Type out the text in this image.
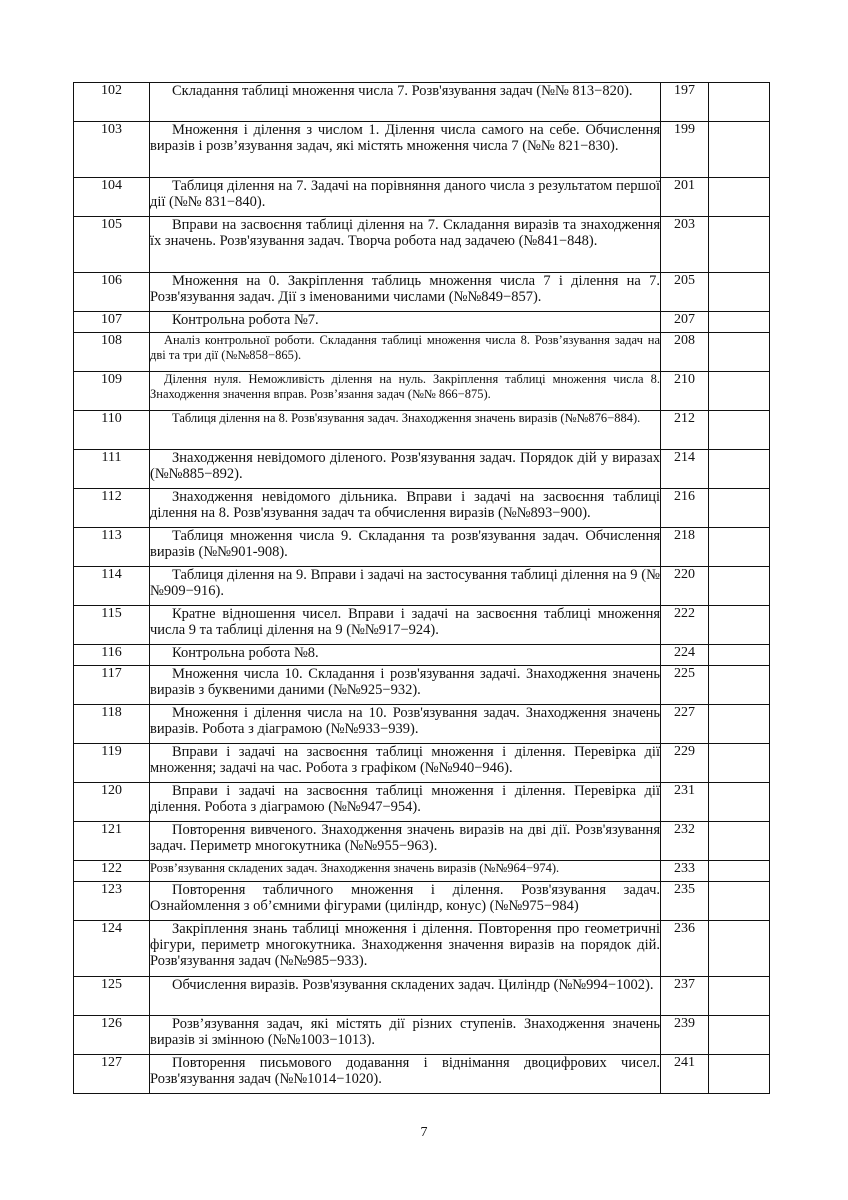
102	Складання таблиці множення числа 7. Розв'язування задач (№№ 813−820).	197	
103	Множення і ділення з числом 1. Ділення числа самого на себе. Обчислення виразів і розв’язування задач, які містять множення числа 7 (№№ 821−830).	199	
104	Таблиця ділення на 7. Задачі на порівняння даного числа з результатом першої дії (№№ 831−840).	201	
105	Вправи на засвоєння таблиці ділення на 7. Складання виразів та знаходження їх значень. Розв'язування задач. Творча робота над задачею (№841−848).	203	
106	Множення на 0. Закріплення таблиць множення числа 7 і ділення на 7. Розв'язування задач. Дії з іменованими числами (№№849−857).	205	
107	Контрольна робота №7.	207	
108	Аналіз контрольної роботи. Складання таблиці множення числа 8. Розв’язування задач на дві та три дії (№№858−865).	208	
109	Ділення нуля. Неможливість ділення на нуль. Закріплення таблиці множення числа 8. Знаходження значення вправ. Розв’язання задач (№№ 866−875).	210	
110	Таблиця ділення на 8. Розв'язування задач. Знаходження значень виразів (№№876−884).	212	
111	Знаходження невідомого діленого. Розв'язування задач. Порядок дій у виразах (№№885−892).	214	
112	Знаходження невідомого дільника. Вправи і задачі на засвоєння таблиці ділення на 8. Розв'язування задач та обчислення виразів (№№893−900).	216	
113	Таблиця множення числа 9. Складання та розв'язування задач. Обчислення виразів (№№901-908).	218	
114	Таблиця ділення на 9. Вправи і задачі на застосування таблиці ділення на 9 (№№909−916).	220	
115	Кратне відношення чисел. Вправи і задачі на засвоєння таблиці множення числа 9 та таблиці ділення на 9 (№№917−924).	222	
116	Контрольна робота №8.	224	
117	Множення числа 10. Складання і розв'язування задачі. Знаходження значень виразів з буквеними даними (№№925−932).	225	
118	Множення і ділення числа на 10. Розв'язування задач. Знаходження значень виразів. Робота з діаграмою (№№933−939).	227	
119	Вправи і задачі на засвоєння таблиці множення і ділення. Перевірка дії множення; задачі на час. Робота з графіком (№№940−946).	229	
120	Вправи і задачі на засвоєння таблиці множення і ділення. Перевірка дії ділення. Робота з діаграмою (№№947−954).	231	
121	Повторення вивченого. Знаходження значень виразів на дві дії. Розв'язування задач. Периметр многокутника (№№955−963).	232	
122	Розв’язування складених задач. Знаходження значень виразів (№№964−974).	233	
123	Повторення табличного множення і ділення. Розв'язування задач. Ознайомлення з об’ємними фігурами (циліндр, конус) (№№975−984)	235	
124	Закріплення знань таблиці множення і ділення. Повторення про геометричні фігури, периметр многокутника. Знаходження значення виразів на порядок дій. Розв'язування задач (№№985−933).	236	
125	Обчислення виразів. Розв'язування складених задач. Циліндр (№№994−1002).	237	
126	Розв’язування задач, які містять дії різних ступенів. Знаходження значень виразів зі змінною (№№1003−1013).	239	
127	Повторення письмового додавання і віднімання двоцифрових чисел. Розв'язування задач (№№1014−1020).	241	
7
